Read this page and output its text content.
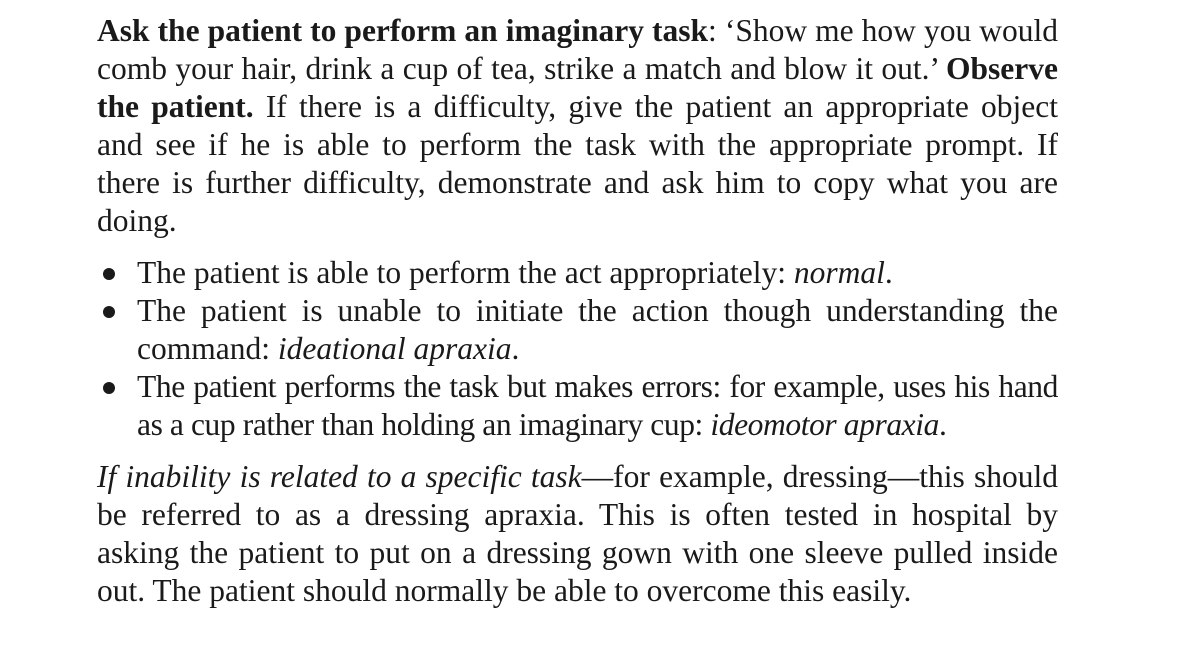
Ask the patient to perform an imaginary task: ‘Show me how you would comb your hair, drink a cup of tea, strike a match and blow it out.’ Observe the patient. If there is a difficulty, give the patient an appropriate object and see if he is able to perform the task with the appropriate prompt. If there is further difficulty, demonstrate and ask him to copy what you are doing.

The patient is able to perform the act appropriately: normal.
The patient is unable to initiate the action though understanding the command: ideational apraxia.
The patient performs the task but makes errors: for example, uses his hand as a cup rather than holding an imaginary cup: ideomotor apraxia.

If inability is related to a specific task—for example, dressing—this should be referred to as a dressing apraxia. This is often tested in hospital by asking the patient to put on a dressing gown with one sleeve pulled inside out. The patient should normally be able to overcome this easily.
